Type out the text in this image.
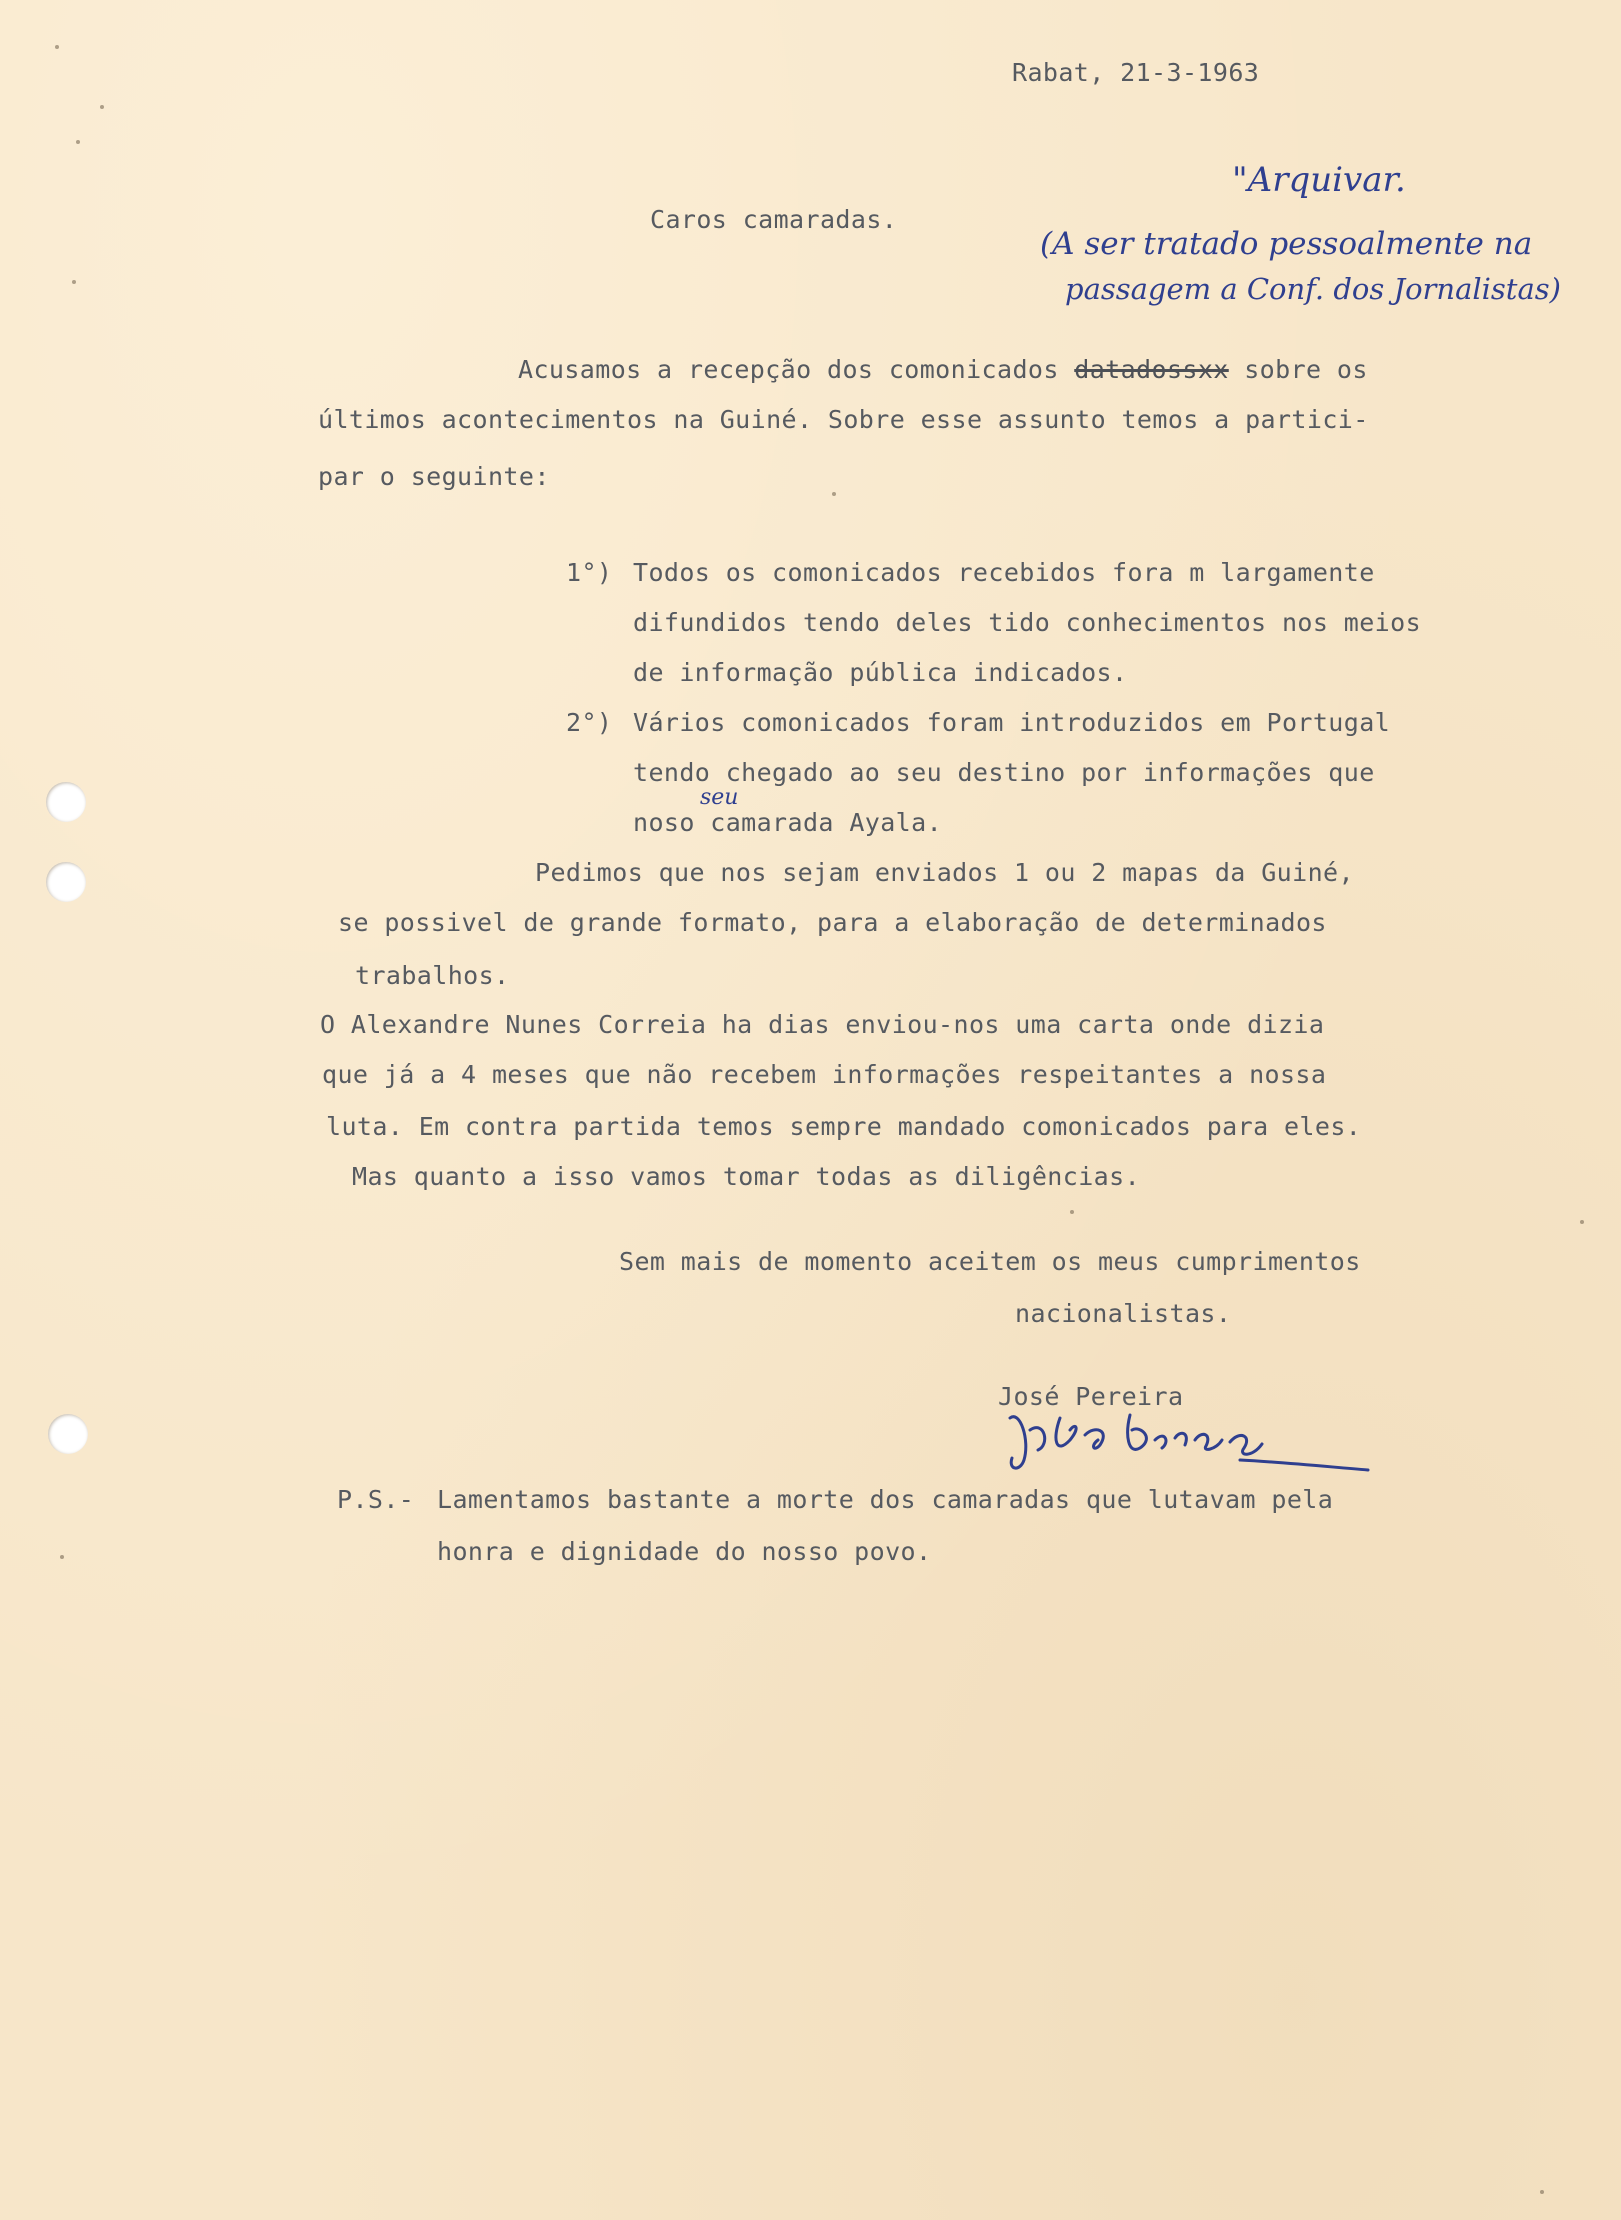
Rabat, 21-3-1963
"Arquivar.
(A ser tratado pessoalmente na
passagem a Conf. dos Jornalistas)
Caros camaradas.
Acusamos a recepção dos comonicados datadossxx sobre os
últimos acontecimentos na Guiné. Sobre esse assunto temos a partici-
par o seguinte:
1°) Todos os comonicados recebidos fora m largamente
difundidos tendo deles tido conhecimentos nos meios
de informação pública indicados.
2°) Vários comonicados foram introduzidos em Portugal
tendo chegado ao seu destino por informações que
seu
noso camarada Ayala.
Pedimos que nos sejam enviados 1 ou 2 mapas da Guiné,
se possivel de grande formato, para a elaboração de determinados
trabalhos.
O Alexandre Nunes Correia ha dias enviou-nos uma carta onde dizia
que já a 4 meses que não recebem informações respeitantes a nossa
luta. Em contra partida temos sempre mandado comonicados para eles.
Mas quanto a isso vamos tomar todas as diligências.
Sem mais de momento aceitem os meus cumprimentos
nacionalistas.
José Pereira
P.S.- Lamentamos bastante a morte dos camaradas que lutavam pela
honra e dignidade do nosso povo.
